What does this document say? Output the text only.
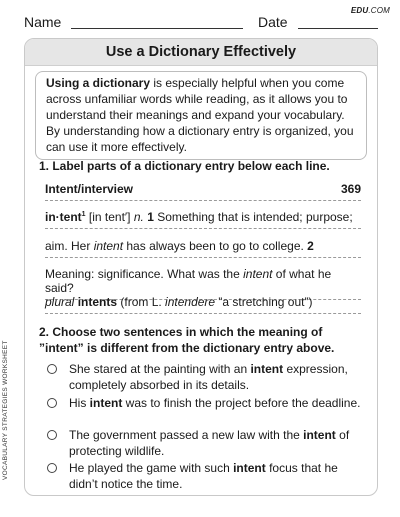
Name	Date
EDU.COM
Use a Dictionary Effectively
Using a dictionary is especially helpful when you come across unfamiliar words while reading, as it allows you to understand their meanings and expand your vocabulary. By understanding how a dictionary entry is organized, you can use it more effectively.
1. Label parts of a dictionary entry below each line.
Intent/interview	369
in·tent$^1$ [in tent′] n. 1 Something that is intended; purpose;
aim. Her intent has always been to go to college. 2
Meaning: significance. What was the intent of what he said?
plural intents (from L. intendere ”a stretching out”)
2. Choose two sentences in which the meaning of ”intent” is different from the dictionary entry above.
She stared at the painting with an intent expression, completely absorbed in its details.
His intent was to finish the project before the deadline.
The government passed a new law with the intent of protecting wildlife.
He played the game with such intent focus that he didn’t notice the time.
VOCABULARY STRATEGIES WORKSHEET
